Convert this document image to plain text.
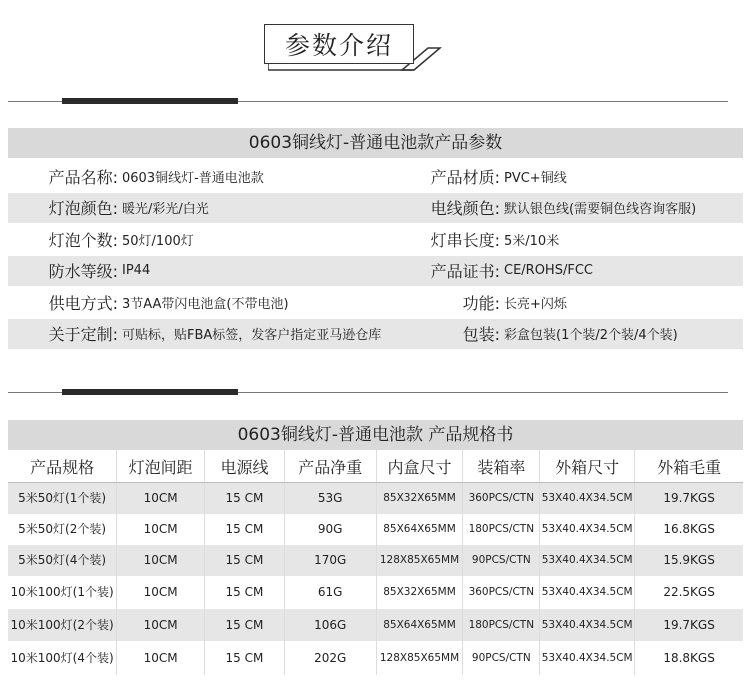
参数介绍
0603铜线灯-普通电池款产品参数
产品名称: 0603铜线灯-普通电池款	产品材质: PVC+铜线
灯泡颜色: 暖光/彩光/白光	电线颜色: 默认银色线(需要铜色线咨询客服)
灯泡个数: 50灯/100灯	灯串长度: 5米/10米
防水等级: IP44	产品证书: CE/ROHS/FCC
供电方式: 3节AA带闪电池盒(不带电池)	功能: 长亮+闪烁
关于定制: 可贴标，贴FBA标签，发客户指定亚马逊仓库	包装: 彩盒包装(1个装/2个装/4个装)
0603铜线灯-普通电池款 产品规格书
产品规格	灯泡间距	电源线	产品净重	内盒尺寸	装箱率	外箱尺寸	外箱毛重
5米50灯(1个装)	10CM	15 CM	53G	85X32X65MM	360PCS/CTN	53X40.4X34.5CM	19.7KGS
5米50灯(2个装)	10CM	15 CM	90G	85X64X65MM	180PCS/CTN	53X40.4X34.5CM	16.8KGS
5米50灯(4个装)	10CM	15 CM	170G	128X85X65MM	90PCS/CTN	53X40.4X34.5CM	15.9KGS
10米100灯(1个装)	10CM	15 CM	61G	85X32X65MM	360PCS/CTN	53X40.4X34.5CM	22.5KGS
10米100灯(2个装)	10CM	15 CM	106G	85X64X65MM	180PCS/CTN	53X40.4X34.5CM	19.7KGS
10米100灯(4个装)	10CM	15 CM	202G	128X85X65MM	90PCS/CTN	53X40.4X34.5CM	18.8KGS
